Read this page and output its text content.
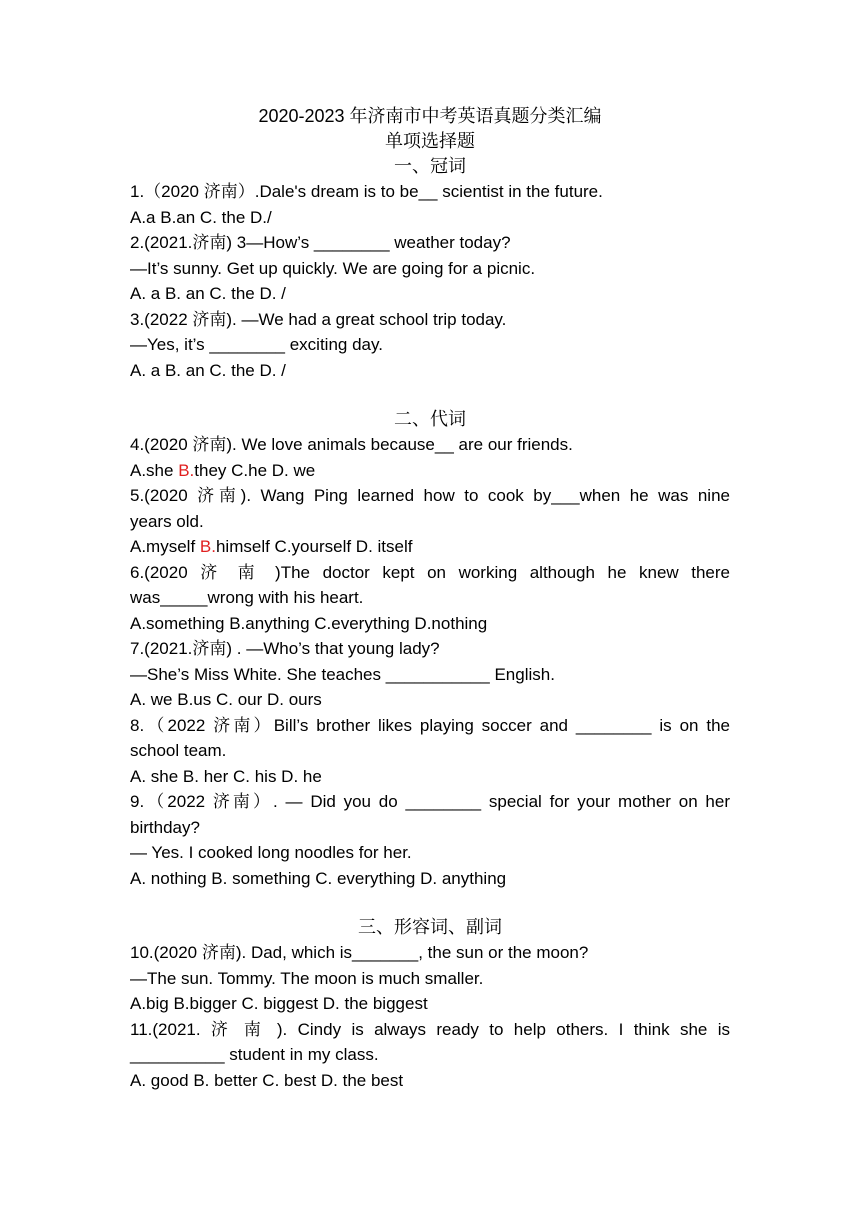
2020-2023 年济南市中考英语真题分类汇编
单项选择题
一、冠词
1.（2020 济南）.Dale's dream is to be__ scientist in the future.
A.a B.an C. the D./
2.(2021.济南) 3—How’s ________ weather today?
—It’s sunny. Get up quickly. We are going for a picnic.
A. a B. an C. the D. /
3.(2022 济南). —We had a great school trip today.
—Yes, it’s ________ exciting day.
A. a B. an C. the D. /
二、代词
4.(2020 济南). We love animals because__ are our friends.
A.she B.they C.he D. we
5.(2020 济南). Wang Ping learned how to cook by___when he was nine
years old.
A.myself B.himself C.yourself D. itself
6.(2020 济 南 )The doctor kept on working although he knew there
was_____wrong with his heart.
A.something B.anything C.everything D.nothing
7.(2021.济南) . —Who’s that young lady?
—She’s Miss White. She teaches ___________ English.
A. we B.us C. our D. ours
8.（2022 济南）Bill’s brother likes playing soccer and ________ is on the
school team.
A. she B. her C. his D. he
9.（2022 济南）. — Did you do ________ special for your mother on her
birthday?
— Yes. I cooked long noodles for her.
A. nothing B. something C. everything D. anything
三、形容词、副词
10.(2020 济南). Dad, which is_______, the sun or the moon?
—The sun. Tommy. The moon is much smaller.
A.big B.bigger C. biggest D. the biggest
11.(2021. 济 南 ). Cindy is always ready to help others. I think she is
__________ student in my class.
A. good B. better C. best D. the best
